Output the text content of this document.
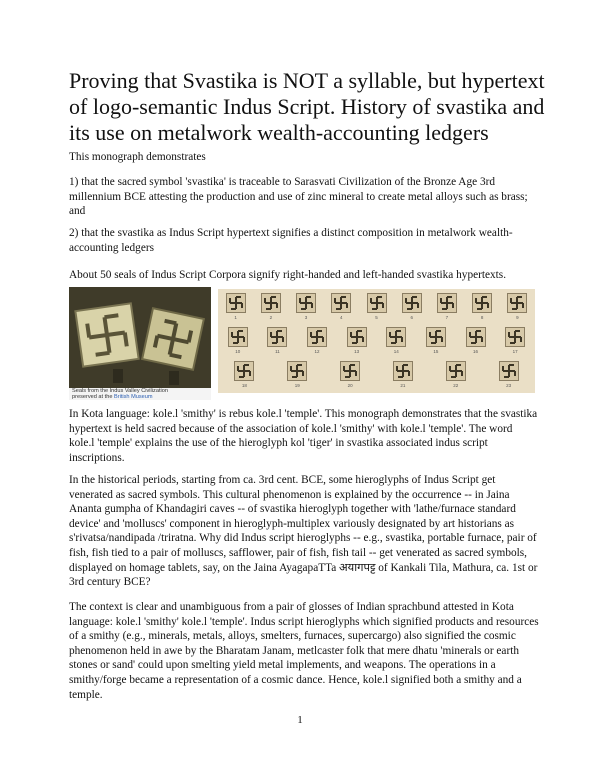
Proving that Svastika is NOT a syllable, but hypertext of logo-semantic Indus Script. History of svastika and its use on metalwork wealth-accounting ledgers

This monograph demonstrates

1) that the sacred symbol 'svastika' is traceable to Sarasvati Civilization of the Bronze Age 3rd millennium BCE attesting the production and use of zinc mineral to create metal alloys such as brass; and

2) that the svastika as Indus Script hypertext signifies a distinct composition in metalwork wealth-accounting ledgers

About 50 seals of Indus Script Corpora signify right-handed and left-handed svastika hypertexts.

Seals from the Indus Valley Civilization
preserved at the British Museum
1	2	3	4	5	6	7	8	9
10	11	12	13	14	15	16	17
18	19	20	21	22	23

In Kota language: kole.l 'smithy' is rebus kole.l 'temple'. This monograph demonstrates that the svastika hypertext is held sacred because of the association of kole.l 'smithy' with kole.l 'temple'. The word kole.l 'temple' explains the use of the hieroglyph kol 'tiger' in svastika associated indus script inscriptions.

In the historical periods, starting from ca. 3rd cent. BCE, some hieroglyphs of Indus Script get venerated as sacred symbols. This cultural phenomenon is explained by the occurrence -- in Jaina Ananta gumpha of Khandagiri caves -- of svastika hieroglyph together with 'lathe/furnace standard device' and 'molluscs' component in hieroglyph-multiplex variously designated by art historians as s'rivatsa/nandipada /triratna. Why did Indus script hieroglyphs -- e.g., svastika, portable furnace, pair of fish, fish tied to a pair of molluscs, safflower, pair of fish, fish tail -- get venerated as sacred symbols, displayed on homage tablets, say, on the Jaina AyagapaTTa अयागपट्ट of Kankali Tila, Mathura, ca. 1st or 3rd century BCE?

The context is clear and unambiguous from a pair of glosses of Indian sprachbund attested in Kota language: kole.l 'smithy' kole.l 'temple'. Indus script hieroglyphs which signified products and resources of a smithy (e.g., minerals, metals, alloys, smelters, furnaces, supercargo) also signified the cosmic phenomenon held in awe by the Bharatam Janam, metlcaster folk that mere dhatu 'minerals or earth stones or sand' could upon smelting yield metal implements, and weapons. The operations in a smithy/forge became a representation of a cosmic dance. Hence, kole.l signified both a smithy and a temple.

1
